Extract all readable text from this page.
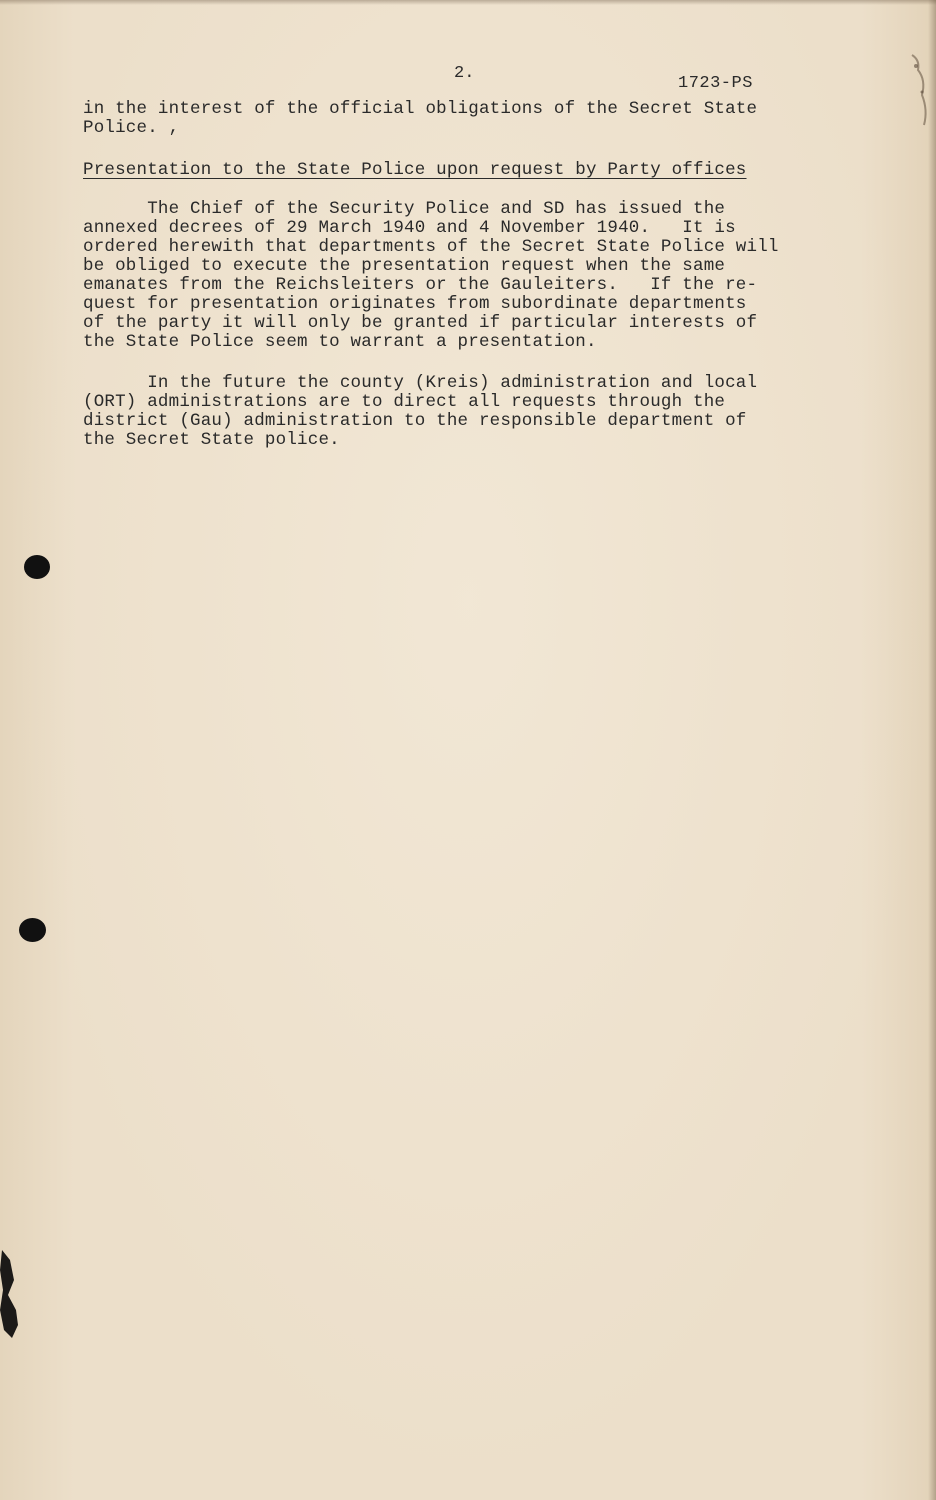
2.
1723-PS
in the interest of the official obligations of the Secret State
Police. ,
Presentation to the State Police upon request by Party offices
The Chief of the Security Police and SD has issued the
annexed decrees of 29 March 1940 and 4 November 1940.   It is
ordered herewith that departments of the Secret State Police will
be obliged to execute the presentation request when the same
emanates from the Reichsleiters or the Gauleiters.   If the re-
quest for presentation originates from subordinate departments
of the party it will only be granted if particular interests of
the State Police seem to warrant a presentation.
In the future the county (Kreis) administration and local
(ORT) administrations are to direct all requests through the
district (Gau) administration to the responsible department of
the Secret State police.
